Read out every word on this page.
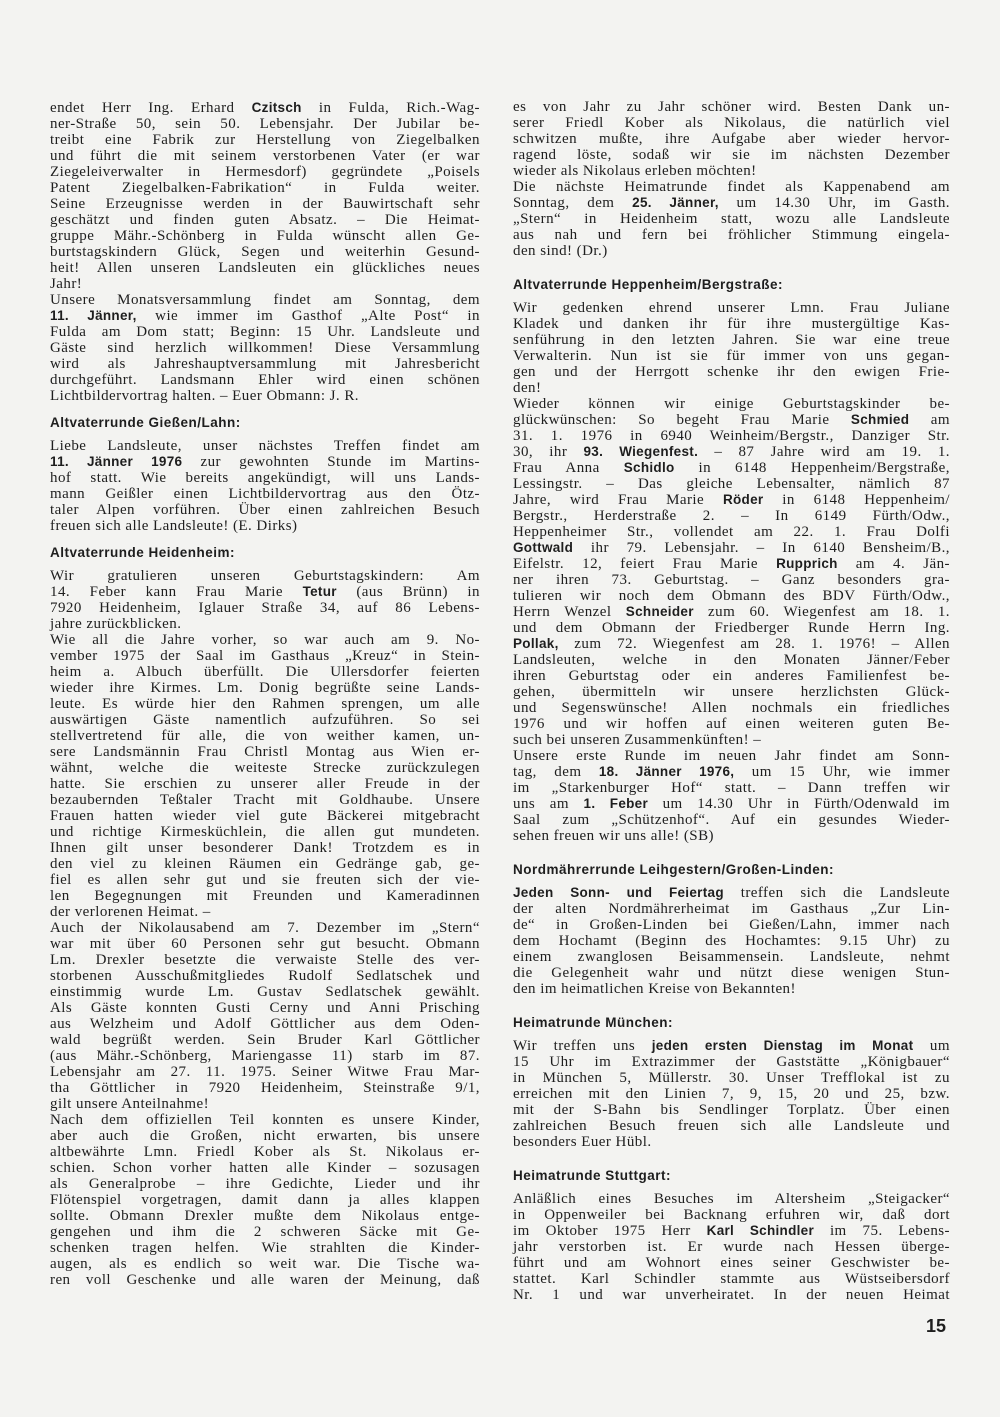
endet Herr Ing. Erhard Czitsch in Fulda, Rich.-Wag-
ner-Straße 50, sein 50. Lebensjahr. Der Jubilar be-
treibt eine Fabrik zur Herstellung von Ziegelbalken
und führt die mit seinem verstorbenen Vater (er war
Ziegeleiverwalter in Hermesdorf) gegründete „Poisels
Patent Ziegelbalken-Fabrikation“ in Fulda weiter.
Seine Erzeugnisse werden in der Bauwirtschaft sehr
geschätzt und finden guten Absatz. – Die Heimat-
gruppe Mähr.-Schönberg in Fulda wünscht allen Ge-
burtstagskindern Glück, Segen und weiterhin Gesund-
heit! Allen unseren Landsleuten ein glückliches neues
Jahr!
Unsere Monatsversammlung findet am Sonntag, dem
11. Jänner, wie immer im Gasthof „Alte Post“ in
Fulda am Dom statt; Beginn: 15 Uhr. Landsleute und
Gäste sind herzlich willkommen! Diese Versammlung
wird als Jahreshauptversammlung mit Jahresbericht
durchgeführt. Landsmann Ehler wird einen schönen
Lichtbildervortrag halten. – Euer Obmann: J. R.
Altvaterrunde Gießen/Lahn:
Liebe Landsleute, unser nächstes Treffen findet am
11. Jänner 1976 zur gewohnten Stunde im Martins-
hof statt. Wie bereits angekündigt, will uns Lands-
mann Geißler einen Lichtbildervortrag aus den Ötz-
taler Alpen vorführen. Über einen zahlreichen Besuch
freuen sich alle Landsleute! (E. Dirks)
Altvaterrunde Heidenheim:
Wir gratulieren unseren Geburtstagskindern: Am
14. Feber kann Frau Marie Tetur (aus Brünn) in
7920 Heidenheim, Iglauer Straße 34, auf 86 Lebens-
jahre zurückblicken.
Wie all die Jahre vorher, so war auch am 9. No-
vember 1975 der Saal im Gasthaus „Kreuz“ in Stein-
heim a. Albuch überfüllt. Die Ullersdorfer feierten
wieder ihre Kirmes. Lm. Donig begrüßte seine Lands-
leute. Es würde hier den Rahmen sprengen, um alle
auswärtigen Gäste namentlich aufzuführen. So sei
stellvertretend für alle, die von weither kamen, un-
sere Landsmännin Frau Christl Montag aus Wien er-
wähnt, welche die weiteste Strecke zurückzulegen
hatte. Sie erschien zu unserer aller Freude in der
bezaubernden Teßtaler Tracht mit Goldhaube. Unsere
Frauen hatten wieder viel gute Bäckerei mitgebracht
und richtige Kirmesküchlein, die allen gut mundeten.
Ihnen gilt unser besonderer Dank! Trotzdem es in
den viel zu kleinen Räumen ein Gedränge gab, ge-
fiel es allen sehr gut und sie freuten sich der vie-
len Begegnungen mit Freunden und Kameradinnen
der verlorenen Heimat. –
Auch der Nikolausabend am 7. Dezember im „Stern“
war mit über 60 Personen sehr gut besucht. Obmann
Lm. Drexler besetzte die verwaiste Stelle des ver-
storbenen Ausschußmitgliedes Rudolf Sedlatschek und
einstimmig wurde Lm. Gustav Sedlatschek gewählt.
Als Gäste konnten Gusti Cerny und Anni Prisching
aus Welzheim und Adolf Göttlicher aus dem Oden-
wald begrüßt werden. Sein Bruder Karl Göttlicher
(aus Mähr.-Schönberg, Mariengasse 11) starb im 87.
Lebensjahr am 27. 11. 1975. Seiner Witwe Frau Mar-
tha Göttlicher in 7920 Heidenheim, Steinstraße 9/1,
gilt unsere Anteilnahme!
Nach dem offiziellen Teil konnten es unsere Kinder,
aber auch die Großen, nicht erwarten, bis unsere
altbewährte Lmn. Friedl Kober als St. Nikolaus er-
schien. Schon vorher hatten alle Kinder – sozusagen
als Generalprobe – ihre Gedichte, Lieder und ihr
Flötenspiel vorgetragen, damit dann ja alles klappen
sollte. Obmann Drexler mußte dem Nikolaus entge-
gengehen und ihm die 2 schweren Säcke mit Ge-
schenken tragen helfen. Wie strahlten die Kinder-
augen, als es endlich so weit war. Die Tische wa-
ren voll Geschenke und alle waren der Meinung, daß
es von Jahr zu Jahr schöner wird. Besten Dank un-
serer Friedl Kober als Nikolaus, die natürlich viel
schwitzen mußte, ihre Aufgabe aber wieder hervor-
ragend löste, sodaß wir sie im nächsten Dezember
wieder als Nikolaus erleben möchten!
Die nächste Heimatrunde findet als Kappenabend am
Sonntag, dem 25. Jänner, um 14.30 Uhr, im Gasth.
„Stern“ in Heidenheim statt, wozu alle Landsleute
aus nah und fern bei fröhlicher Stimmung eingela-
den sind! (Dr.)
Altvaterrunde Heppenheim/Bergstraße:
Wir gedenken ehrend unserer Lmn. Frau Juliane
Kladek und danken ihr für ihre mustergültige Kas-
senführung in den letzten Jahren. Sie war eine treue
Verwalterin. Nun ist sie für immer von uns gegan-
gen und der Herrgott schenke ihr den ewigen Frie-
den!
Wieder können wir einige Geburtstagskinder be-
glückwünschen: So begeht Frau Marie Schmied am
31. 1. 1976 in 6940 Weinheim/Bergstr., Danziger Str.
30, ihr 93. Wiegenfest. – 87 Jahre wird am 19. 1.
Frau Anna Schidlo in 6148 Heppenheim/Bergstraße,
Lessingstr. – Das gleiche Lebensalter, nämlich 87
Jahre, wird Frau Marie Röder in 6148 Heppenheim/
Bergstr., Herderstraße 2. – In 6149 Fürth/Odw.,
Heppenheimer Str., vollendet am 22. 1. Frau Dolfi
Gottwald ihr 79. Lebensjahr. – In 6140 Bensheim/B.,
Eifelstr. 12, feiert Frau Marie Rupprich am 4. Jän-
ner ihren 73. Geburtstag. – Ganz besonders gra-
tulieren wir noch dem Obmann des BDV Fürth/Odw.,
Herrn Wenzel Schneider zum 60. Wiegenfest am 18. 1.
und dem Obmann der Friedberger Runde Herrn Ing.
Pollak, zum 72. Wiegenfest am 28. 1. 1976! – Allen
Landsleuten, welche in den Monaten Jänner/Feber
ihren Geburtstag oder ein anderes Familienfest be-
gehen, übermitteln wir unsere herzlichsten Glück-
und Segenswünsche! Allen nochmals ein friedliches
1976 und wir hoffen auf einen weiteren guten Be-
such bei unseren Zusammenkünften! –
Unsere erste Runde im neuen Jahr findet am Sonn-
tag, dem 18. Jänner 1976, um 15 Uhr, wie immer
im „Starkenburger Hof“ statt. – Dann treffen wir
uns am 1. Feber um 14.30 Uhr in Fürth/Odenwald im
Saal zum „Schützenhof“. Auf ein gesundes Wieder-
sehen freuen wir uns alle! (SB)
Nordmährerrunde Leihgestern/Großen-Linden:
Jeden Sonn- und Feiertag treffen sich die Landsleute
der alten Nordmährerheimat im Gasthaus „Zur Lin-
de“ in Großen-Linden bei Gießen/Lahn, immer nach
dem Hochamt (Beginn des Hochamtes: 9.15 Uhr) zu
einem zwanglosen Beisammensein. Landsleute, nehmt
die Gelegenheit wahr und nützt diese wenigen Stun-
den im heimatlichen Kreise von Bekannten!
Heimatrunde München:
Wir treffen uns jeden ersten Dienstag im Monat um
15 Uhr im Extrazimmer der Gaststätte „Königbauer“
in München 5, Müllerstr. 30. Unser Trefflokal ist zu
erreichen mit den Linien 7, 9, 15, 20 und 25, bzw.
mit der S-Bahn bis Sendlinger Torplatz. Über einen
zahlreichen Besuch freuen sich alle Landsleute und
besonders Euer Hübl.
Heimatrunde Stuttgart:
Anläßlich eines Besuches im Altersheim „Steigacker“
in Oppenweiler bei Backnang erfuhren wir, daß dort
im Oktober 1975 Herr Karl Schindler im 75. Lebens-
jahr verstorben ist. Er wurde nach Hessen überge-
führt und am Wohnort eines seiner Geschwister be-
stattet. Karl Schindler stammte aus Wüstseibersdorf
Nr. 1 und war unverheiratet. In der neuen Heimat
15
